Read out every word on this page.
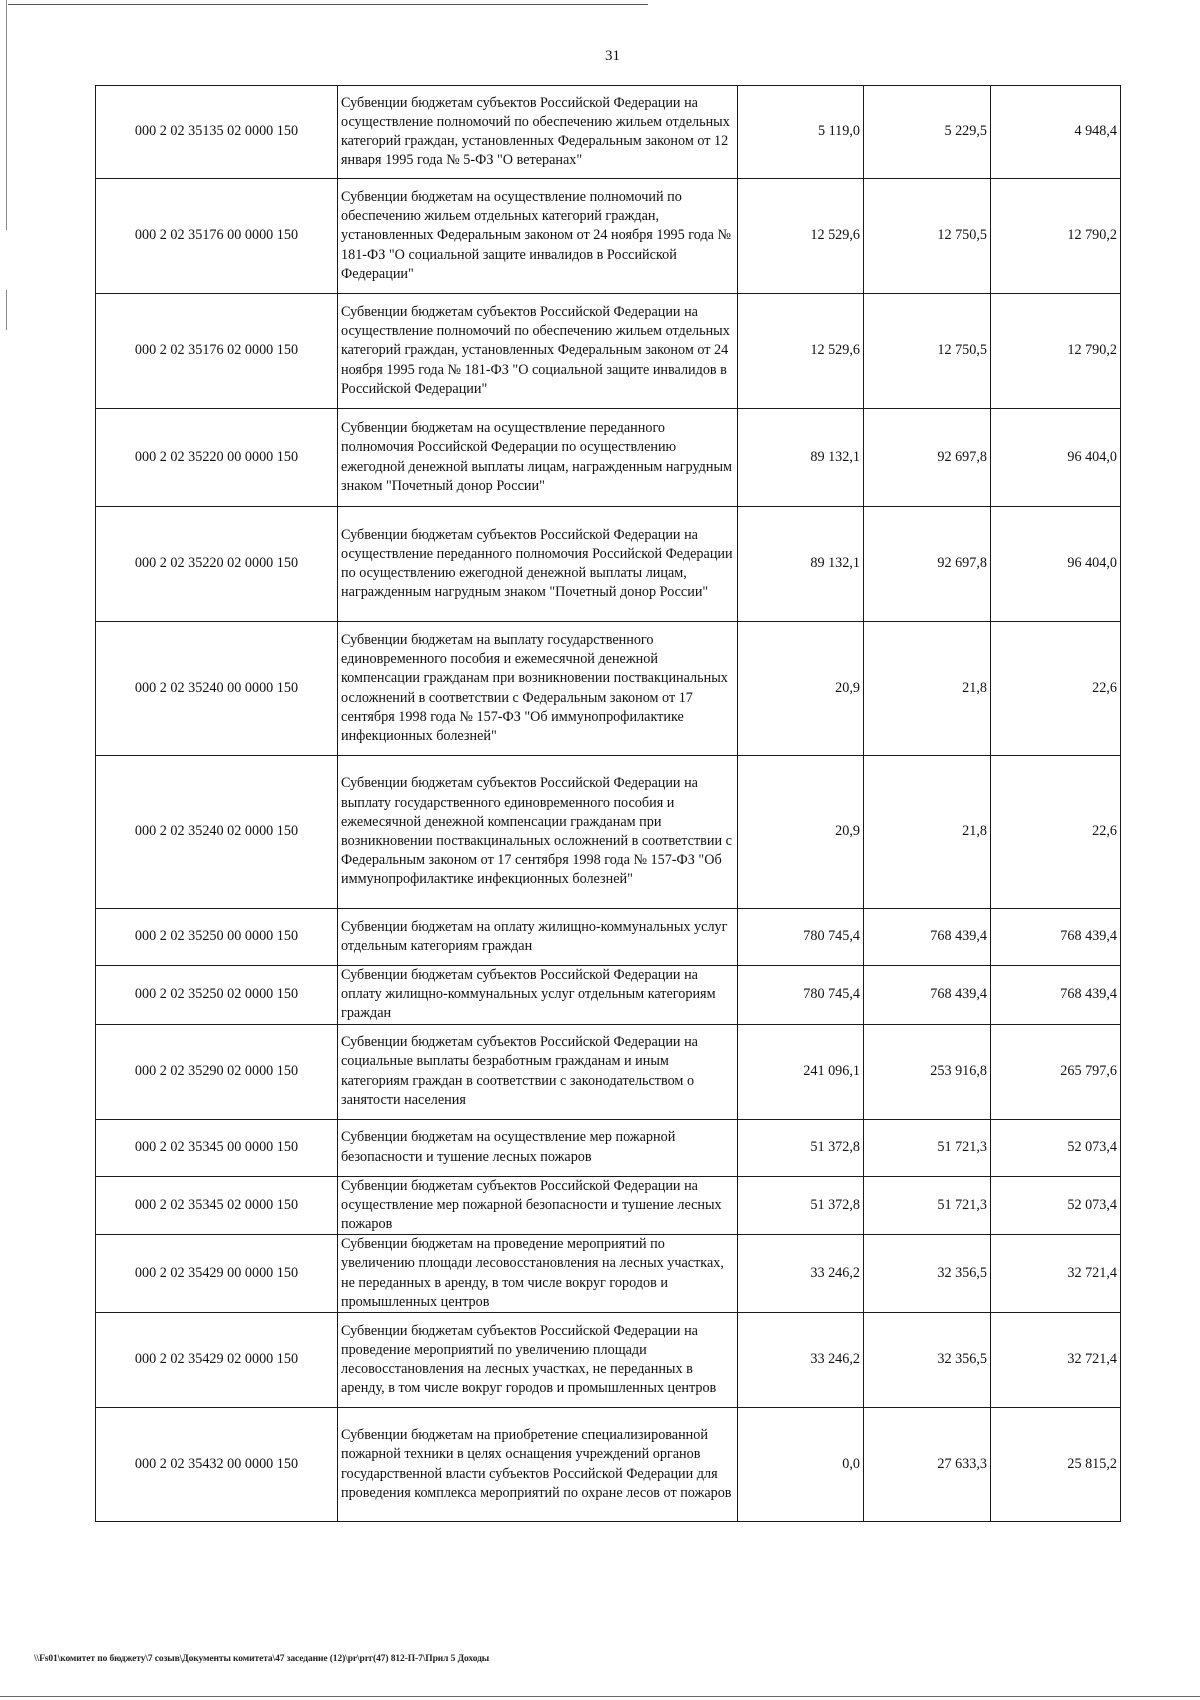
31
000 2 02 35135 02 0000 150	Субвенции бюджетам субъектов Российской Федерации на осуществление полномочий по обеспечению жильем отдельных категорий граждан, установленных Федеральным законом от 12 января 1995 года № 5-ФЗ "О ветеранах"	5 119,0	5 229,5	4 948,4
000 2 02 35176 00 0000 150	Субвенции бюджетам на осуществление полномочий по обеспечению жильем отдельных категорий граждан, установленных Федеральным законом от 24 ноября 1995 года № 181-ФЗ "О социальной защите инвалидов в Российской Федерации"	12 529,6	12 750,5	12 790,2
000 2 02 35176 02 0000 150	Субвенции бюджетам субъектов Российской Федерации на осуществление полномочий по обеспечению жильем отдельных категорий граждан, установленных Федеральным законом от 24 ноября 1995 года № 181-ФЗ "О социальной защите инвалидов в Российской Федерации"	12 529,6	12 750,5	12 790,2
000 2 02 35220 00 0000 150	Субвенции бюджетам на осуществление переданного полномочия Российской Федерации по осуществлению ежегодной денежной выплаты лицам, награжденным нагрудным знаком "Почетный донор России"	89 132,1	92 697,8	96 404,0
000 2 02 35220 02 0000 150	Субвенции бюджетам субъектов Российской Федерации на осуществление переданного полномочия Российской Федерации по осуществлению ежегодной денежной выплаты лицам, награжденным нагрудным знаком "Почетный донор России"	89 132,1	92 697,8	96 404,0
000 2 02 35240 00 0000 150	Субвенции бюджетам на выплату государственного единовременного пособия и ежемесячной денежной компенсации гражданам при возникновении поствакцинальных осложнений в соответствии с Федеральным законом от 17 сентября 1998 года № 157-ФЗ "Об иммунопрофилактике инфекционных болезней"	20,9	21,8	22,6
000 2 02 35240 02 0000 150	Субвенции бюджетам субъектов Российской Федерации на выплату государственного единовременного пособия и ежемесячной денежной компенсации гражданам при возникновении поствакцинальных осложнений в соответствии с Федеральным законом от 17 сентября 1998 года № 157-ФЗ "Об иммунопрофилактике инфекционных болезней"	20,9	21,8	22,6
000 2 02 35250 00 0000 150	Субвенции бюджетам на оплату жилищно-коммунальных услуг отдельным категориям граждан	780 745,4	768 439,4	768 439,4
000 2 02 35250 02 0000 150	Субвенции бюджетам субъектов Российской Федерации на оплату жилищно-коммунальных услуг отдельным категориям граждан	780 745,4	768 439,4	768 439,4
000 2 02 35290 02 0000 150	Субвенции бюджетам субъектов Российской Федерации на социальные выплаты безработным гражданам и иным категориям граждан в соответствии с законодательством о занятости населения	241 096,1	253 916,8	265 797,6
000 2 02 35345 00 0000 150	Субвенции бюджетам на осуществление мер пожарной безопасности и тушение лесных пожаров	51 372,8	51 721,3	52 073,4
000 2 02 35345 02 0000 150	Субвенции бюджетам субъектов Российской Федерации на осуществление мер пожарной безопасности и тушение лесных пожаров	51 372,8	51 721,3	52 073,4
000 2 02 35429 00 0000 150	Субвенции бюджетам на проведение мероприятий по увеличению площади лесовосстановления на лесных участках, не переданных в аренду, в том числе вокруг городов и промышленных центров	33 246,2	32 356,5	32 721,4
000 2 02 35429 02 0000 150	Субвенции бюджетам субъектов Российской Федерации на проведение мероприятий по увеличению площади лесовосстановления на лесных участках, не переданных в аренду, в том числе вокруг городов и промышленных центров	33 246,2	32 356,5	32 721,4
000 2 02 35432 00 0000 150	Субвенции бюджетам на приобретение специализированной пожарной техники в целях оснащения учреждений органов государственной власти субъектов Российской Федерации для проведения комплекса мероприятий по охране лесов от пожаров	0,0	27 633,3	25 815,2
\\Fs01\комитет по бюджету\7 созыв\Документы комитета\47 заседание (12)\pr\prг(47) 812-П-7\Прил 5 Доходы
